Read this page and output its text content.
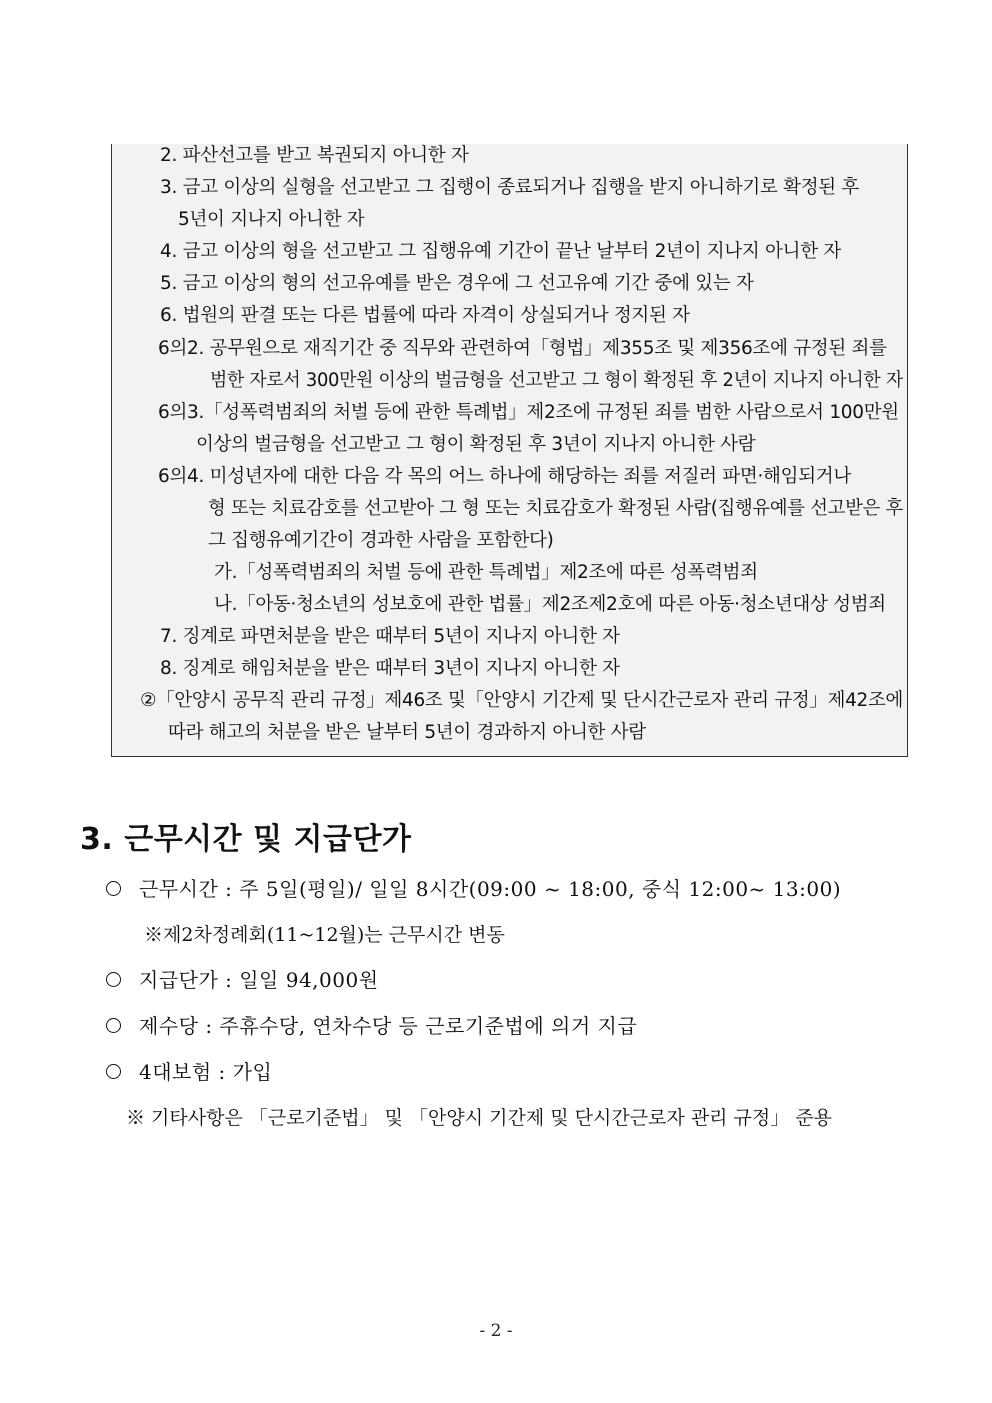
2. 파산선고를 받고 복권되지 아니한 자
3. 금고 이상의 실형을 선고받고 그 집행이 종료되거나 집행을 받지 아니하기로 확정된 후
5년이 지나지 아니한 자
4. 금고 이상의 형을 선고받고 그 집행유예 기간이 끝난 날부터 2년이 지나지 아니한 자
5. 금고 이상의 형의 선고유예를 받은 경우에 그 선고유예 기간 중에 있는 자
6. 법원의 판결 또는 다른 법률에 따라 자격이 상실되거나 정지된 자
6의2. 공무원으로 재직기간 중 직무와 관련하여「형법」제355조 및 제356조에 규정된 죄를
범한 자로서 300만원 이상의 벌금형을 선고받고 그 형이 확정된 후 2년이 지나지 아니한 자
6의3.「성폭력범죄의 처벌 등에 관한 특례법」제2조에 규정된 죄를 범한 사람으로서 100만원
이상의 벌금형을 선고받고 그 형이 확정된 후 3년이 지나지 아니한 사람
6의4. 미성년자에 대한 다음 각 목의 어느 하나에 해당하는 죄를 저질러 파면·해임되거나
형 또는 치료감호를 선고받아 그 형 또는 치료감호가 확정된 사람(집행유예를 선고받은 후
그 집행유예기간이 경과한 사람을 포함한다)
가.「성폭력범죄의 처벌 등에 관한 특례법」제2조에 따른 성폭력범죄
나.「아동·청소년의 성보호에 관한 법률」제2조제2호에 따른 아동·청소년대상 성범죄
7. 징계로 파면처분을 받은 때부터 5년이 지나지 아니한 자
8. 징계로 해임처분을 받은 때부터 3년이 지나지 아니한 자
②「안양시 공무직 관리 규정」제46조 및「안양시 기간제 및 단시간근로자 관리 규정」제42조에
따라 해고의 처분을 받은 날부터 5년이 경과하지 아니한 사람
3. 근무시간 및 지급단가
근무시간 : 주 5일(평일)/ 일일 8시간(09:00 ~ 18:00, 중식 12:00~ 13:00)
※제2차정례회(11~12월)는 근무시간 변동
지급단가 : 일일 94,000원
제수당 : 주휴수당, 연차수당 등 근로기준법에 의거 지급
4대보험 : 가입
※ 기타사항은 「근로기준법」 및 「안양시 기간제 및 단시간근로자 관리 규정」 준용
- 2 -
